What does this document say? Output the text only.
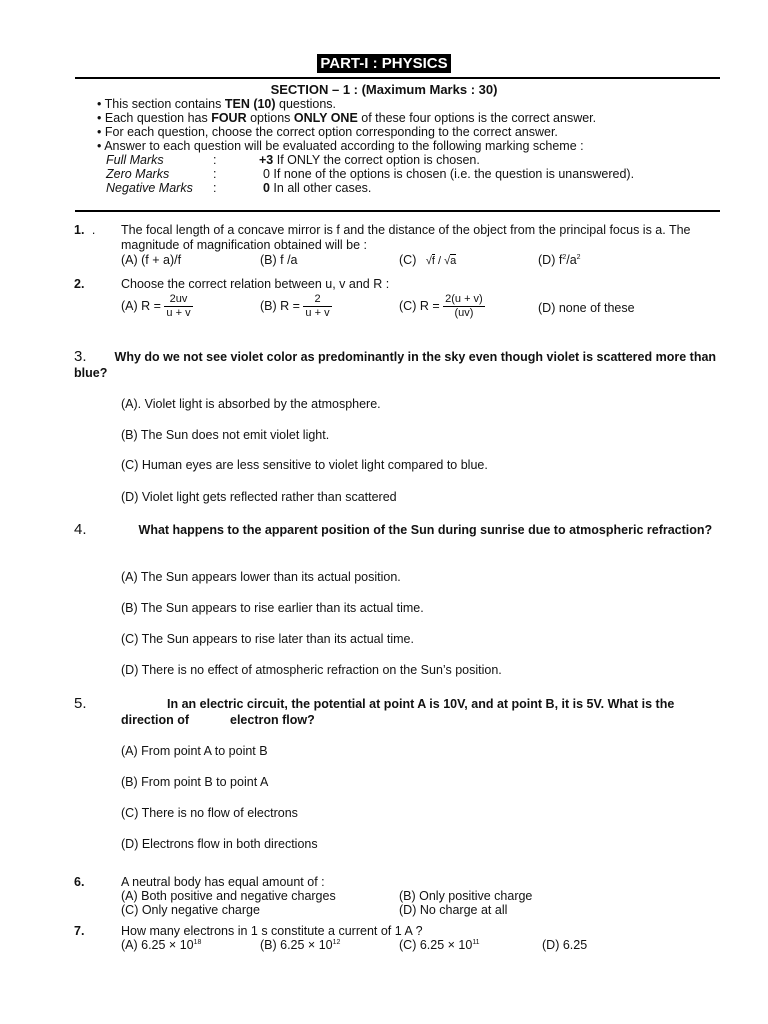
PART-I : PHYSICS
SECTION – 1 : (Maximum Marks : 30)
• This section contains TEN (10) questions.
• Each question has FOUR options ONLY ONE of these four options is the correct answer.
• For each question, choose the correct option corresponding to the correct answer.
• Answer to each question will be evaluated according to the following marking scheme :
Full Marks	:	+3 If ONLY the correct option is chosen.
Zero Marks	:	0 If none of the options is chosen (i.e. the question is unanswered).
Negative Marks :	0 In all other cases.
1. . The focal length of a concave mirror is f and the distance of the object from the principal focus is a. The magnitude of magnification obtained will be :
(A) (f + a)/f	(B) f /a	(C) √f / √a	(D) $f^2/a^2$
2.	Choose the correct relation between u, v and R :
(A) $R = \frac{2uv}{u + v}$	(B) $R = \frac{2}{u + v}$	(C) $R = \frac{2(u + v)}{(uv)}$	(D) none of these
3. Why do we not see violet color as predominantly in the sky even though violet is scattered more than blue?
(A). Violet light is absorbed by the atmosphere.
(B) The Sun does not emit violet light.
(C) Human eyes are less sensitive to violet light compared to blue.
(D) Violet light gets reflected rather than scattered
4.	What happens to the apparent position of the Sun during sunrise due to atmospheric refraction?
(A) The Sun appears lower than its actual position.
(B) The Sun appears to rise earlier than its actual time.
(C) The Sun appears to rise later than its actual time.
(D) There is no effect of atmospheric refraction on the Sun’s position.
5.	In an electric circuit, the potential at point A is 10V, and at point B, it is 5V. What is the
direction of	electron flow?
(A) From point A to point B
(B) From point B to point A
(C) There is no flow of electrons
(D) Electrons flow in both directions
6.	A neutral body has equal amount of :
(A) Both positive and negative charges	(B) Only positive charge
(C) Only negative charge	(D) No charge at all
7.	How many electrons in 1 s constitute a current of 1 A ?
(A) $6.25 \times 10^{18}$	(B) $6.25 \times 10^{12}$	(C) $6.25 \times 10^{11}$	(D) 6.25
